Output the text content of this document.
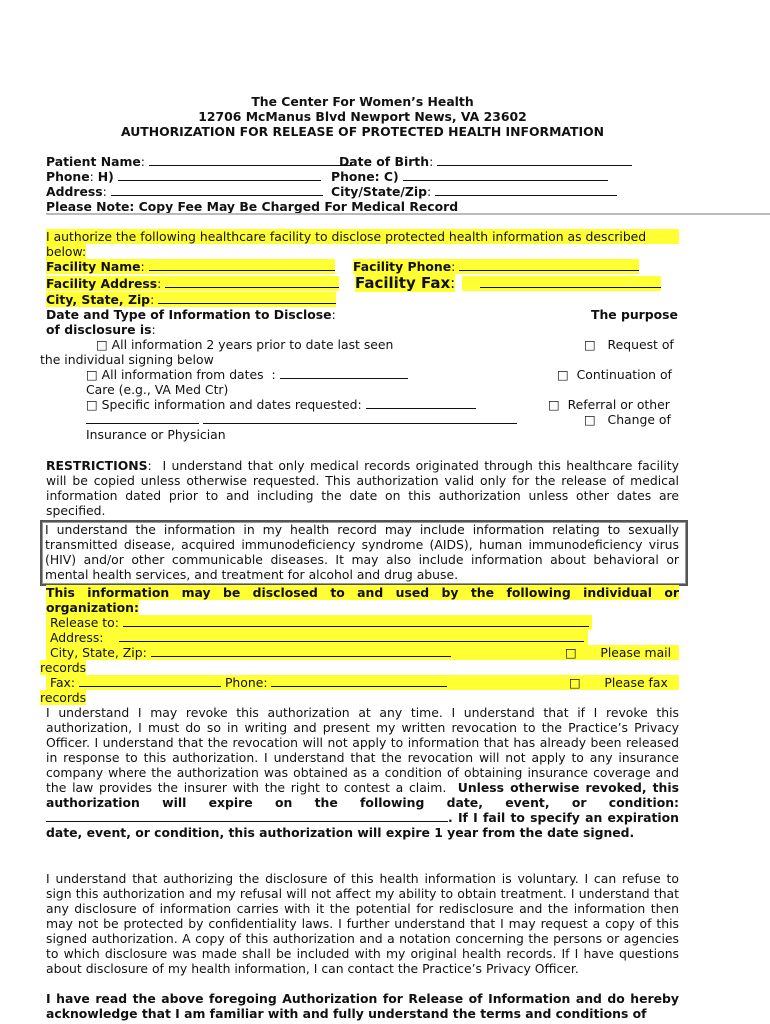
The Center For Women’s Health
12706 McManus Blvd Newport News, VA 23602
AUTHORIZATION FOR RELEASE OF PROTECTED HEALTH INFORMATION
Patient Name:	Date of Birth:
Phone: H)	Phone: C)
Address:	City/State/Zip:
Please Note: Copy Fee May Be Charged For Medical Record
I authorize the following healthcare facility to disclose protected health information as described
below:
Facility Name:	Facility Phone:
Facility Address:	Facility Fax:
City, State, Zip:
Date and Type of Information to Disclose:	The purpose
of disclosure is:
□ All information 2 years prior to date last seen	□ Request of
the individual signing below
□ All information from dates  :	□ Continuation of
Care (e.g., VA Med Ctr)
□ Specific information and dates requested:	□ Referral or other

□ Change of
Insurance or Physician
RESTRICTIONS:  I understand that only medical records originated through this healthcare facility will be copied unless otherwise requested. This authorization valid only for the release of medical information dated prior to and including the date on this authorization unless other dates are specified.
I understand the information in my health record may include information relating to sexually transmitted disease, acquired immunodeficiency syndrome (AIDS), human immunodeficiency virus (HIV) and/or other communicable diseases. It may also include information about behavioral or mental health services, and treatment for alcohol and drug abuse.
This information may be disclosed to and used by the following individual or
organization:
Release to:
Address:
City, State, Zip:	□ Please mail
records
Fax:	Phone:	□ Please fax
records
I understand I may revoke this authorization at any time. I understand that if I revoke this authorization, I must do so in writing and present my written revocation to the Practice’s Privacy Officer. I understand that the revocation will not apply to information that has already been released in response to this authorization. I understand that the revocation will not apply to any insurance company where the authorization was obtained as a condition of obtaining insurance coverage and the law provides the insurer with the right to contest a claim. Unless otherwise revoked, this authorization will expire on the following date, event, or condition: . If I fail to specify an expiration date, event, or condition, this authorization will expire 1 year from the date signed.
I understand that authorizing the disclosure of this health information is voluntary. I can refuse to sign this authorization and my refusal will not affect my ability to obtain treatment. I understand that any disclosure of information carries with it the potential for redisclosure and the information then may not be protected by confidentiality laws. I further understand that I may request a copy of this signed authorization. A copy of this authorization and a notation concerning the persons or agencies to which disclosure was made shall be included with my original health records. If I have questions about disclosure of my health information, I can contact the Practice’s Privacy Officer.
I have read the above foregoing Authorization for Release of Information and do hereby acknowledge that I am familiar with and fully understand the terms and conditions of
